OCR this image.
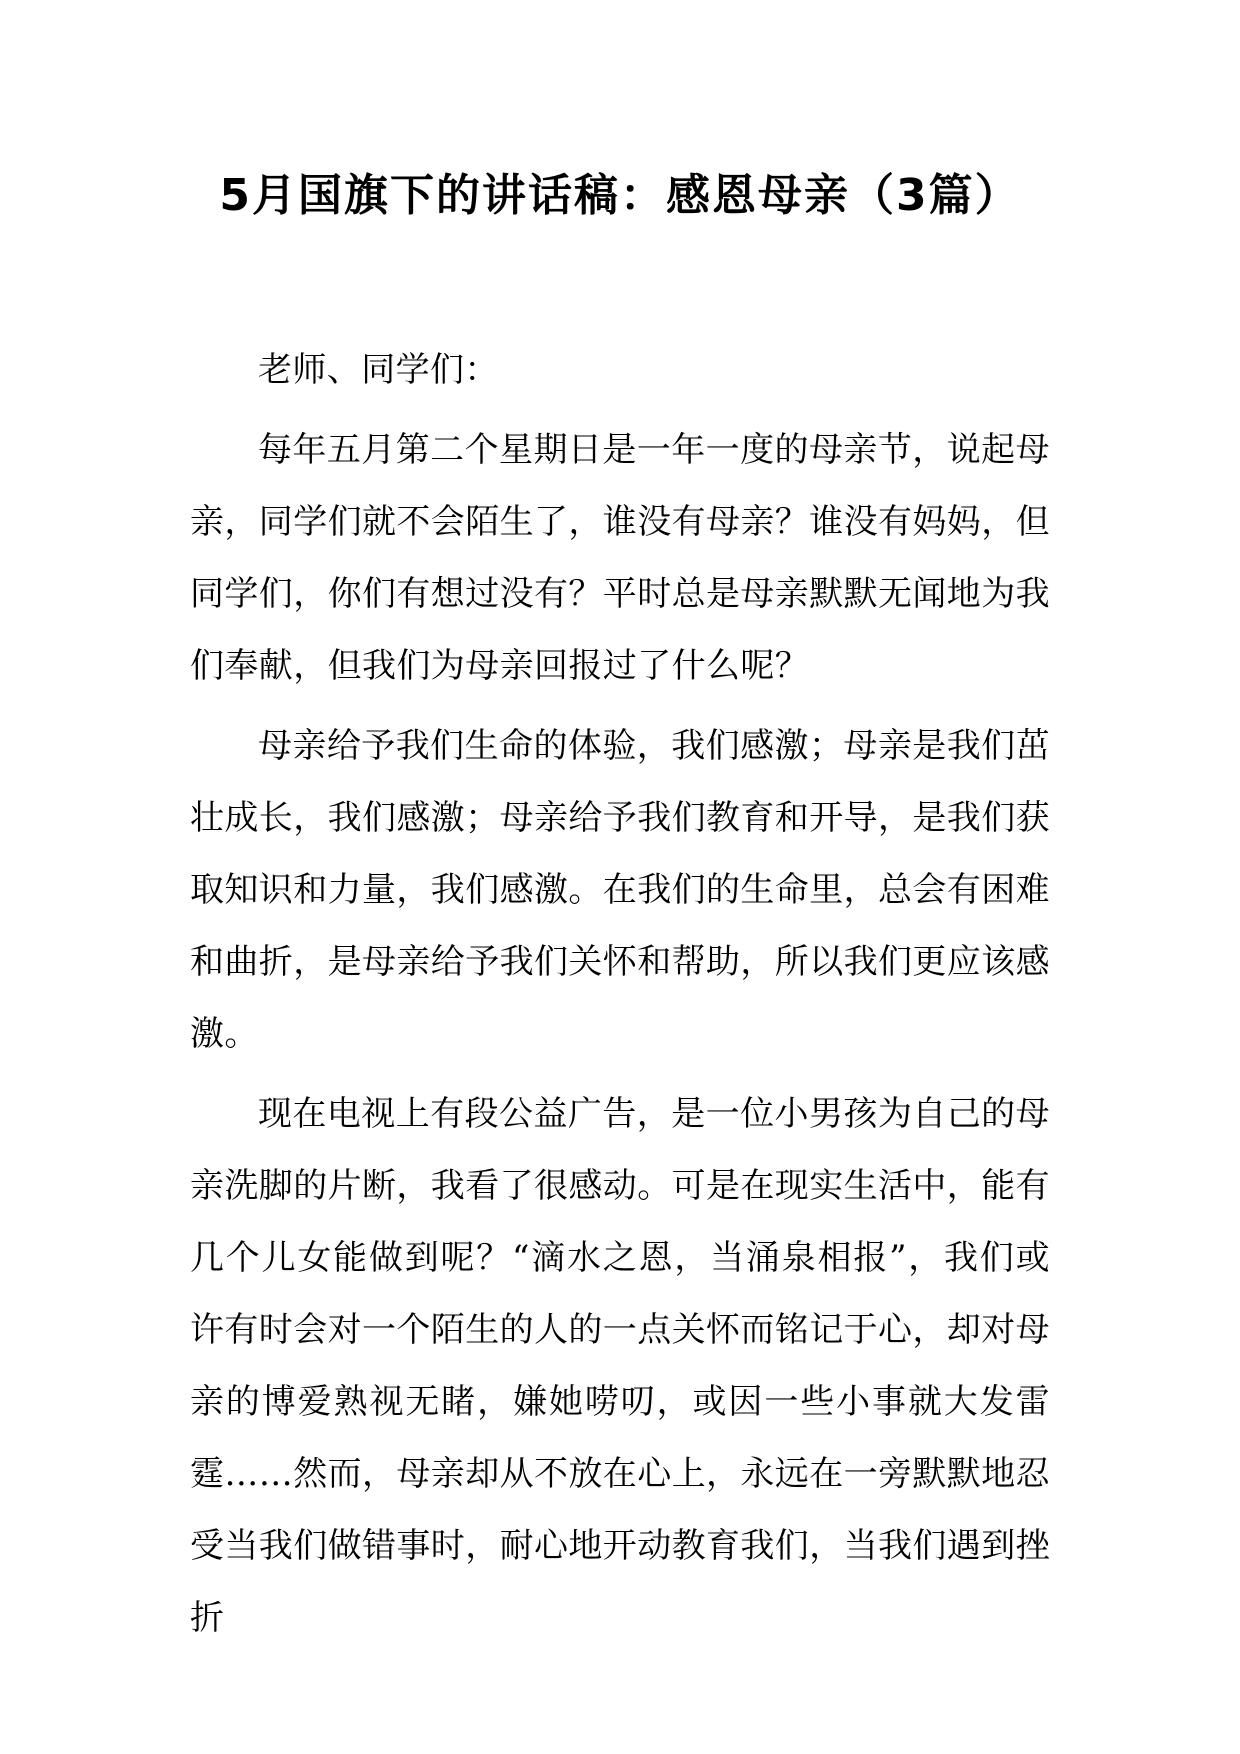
5月国旗下的讲话稿：感恩母亲（3篇）

老师、同学们：

每年五月第二个星期日是一年一度的母亲节，说起母亲，同学们就不会陌生了，谁没有母亲？谁没有妈妈，但同学们，你们有想过没有？平时总是母亲默默无闻地为我们奉献，但我们为母亲回报过了什么呢？

母亲给予我们生命的体验，我们感激；母亲是我们茁壮成长，我们感激；母亲给予我们教育和开导，是我们获取知识和力量，我们感激。在我们的生命里，总会有困难和曲折，是母亲给予我们关怀和帮助，所以我们更应该感激。

现在电视上有段公益广告，是一位小男孩为自己的母亲洗脚的片断，我看了很感动。可是在现实生活中，能有几个儿女能做到呢？“滴水之恩，当涌泉相报”，我们或许有时会对一个陌生的人的一点关怀而铭记于心，却对母亲的博爱熟视无睹，嫌她唠叨，或因一些小事就大发雷霆……然而，母亲却从不放在心上，永远在一旁默默地忍受当我们做错事时，耐心地开动教育我们，当我们遇到挫折
